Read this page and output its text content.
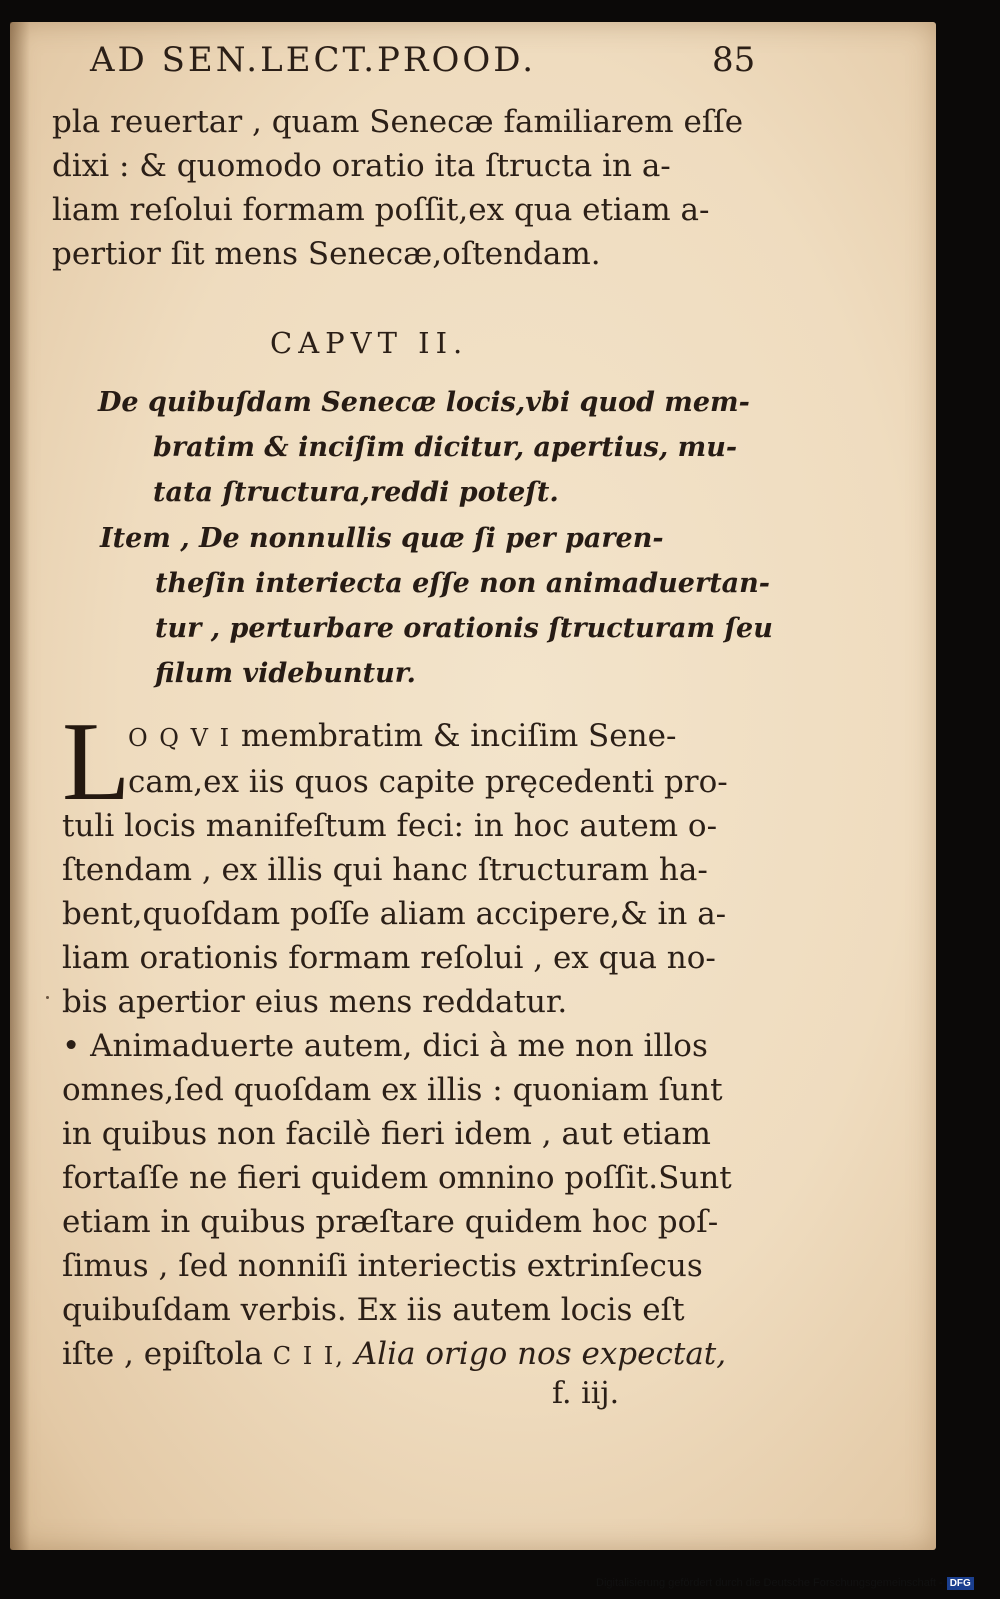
AD SEN.LECT.PROOD.	85
pla reuertar , quam Senecæ familiarem eſſe
dixi : & quomodo oratio ita ſtructa in a-
liam reſolui formam poſſit,ex qua etiam a-
pertior ſit mens Senecæ,oſtendam.
CAPVT II.
De quibuſdam Senecæ locis,vbi quod mem-
bratim & inciſim dicitur, apertius, mu-
tata ſtructura,reddi poteſt.
Item , De nonnullis quæ ſi per paren-
theſin interiecta eſſe non animaduertan-
tur , perturbare orationis ſtructuram ſeu
filum videbuntur.
L
O Q V I membratim & inciſim Sene-
cam,ex iis quos capite pręcedenti pro-
tuli locis manifeſtum feci: in hoc autem o-
ſtendam , ex illis qui hanc ſtructuram ha-
bent,quoſdam poſſe aliam accipere,& in a-
liam orationis formam reſolui , ex qua no-
bis apertior eius mens reddatur.
• Animaduerte autem, dici à me non illos
omnes,ſed quoſdam ex illis : quoniam ſunt
in quibus non facilè fieri idem , aut etiam
fortaſſe ne fieri quidem omnino poſſit.Sunt
etiam in quibus præſtare quidem hoc poſ-
ſimus , ſed nonniſi interiectis extrinſecus
quibuſdam verbis. Ex iis autem locis eſt
iſte , epiſtola C I I, Alia origo nos expectat,
f. iij.
Digitalisierung gefördert durch die Deutsche Forschungsgemeinschaft - DFG
